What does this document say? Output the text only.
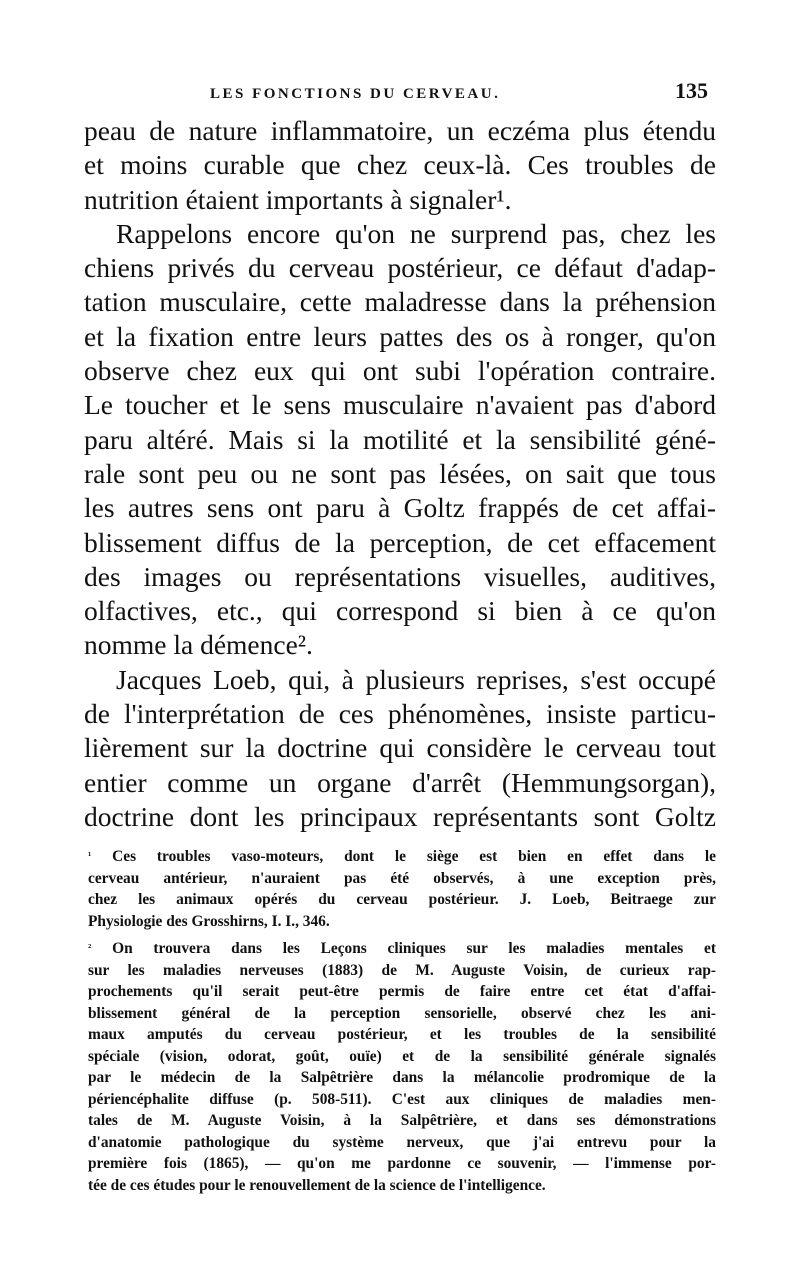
LES FONCTIONS DU CERVEAU.	135

peau de nature inflammatoire, un eczéma plus étendu
et moins curable que chez ceux-là. Ces troubles de
nutrition étaient importants à signaler¹.

Rappelons encore qu'on ne surprend pas, chez les
chiens privés du cerveau postérieur, ce défaut d'adap-
tation musculaire, cette maladresse dans la préhension
et la fixation entre leurs pattes des os à ronger, qu'on
observe chez eux qui ont subi l'opération contraire.
Le toucher et le sens musculaire n'avaient pas d'abord
paru altéré. Mais si la motilité et la sensibilité géné-
rale sont peu ou ne sont pas lésées, on sait que tous
les autres sens ont paru à Goltz frappés de cet affai-
blissement diffus de la perception, de cet effacement
des images ou représentations visuelles, auditives,
olfactives, etc., qui correspond si bien à ce qu'on
nomme la démence².

Jacques Loeb, qui, à plusieurs reprises, s'est occupé
de l'interprétation de ces phénomènes, insiste particu-
lièrement sur la doctrine qui considère le cerveau tout
entier comme un organe d'arrêt (Hemmungsorgan),
doctrine dont les principaux représentants sont Goltz

$^{^1}$ Ces troubles vaso-moteurs, dont le siège est bien en effet dans le
cerveau antérieur, n'auraient pas été observés, à une exception près,
chez les animaux opérés du cerveau postérieur. J. Loeb, Beitraege zur
Physiologie des Grosshirns, I. I., 346.

$^{^2}$ On trouvera dans les Leçons cliniques sur les maladies mentales et
sur les maladies nerveuses (1883) de M. Auguste Voisin, de curieux rap-
prochements qu'il serait peut-être permis de faire entre cet état d'affai-
blissement général de la perception sensorielle, observé chez les ani-
maux amputés du cerveau postérieur, et les troubles de la sensibilité
spéciale (vision, odorat, goût, ouïe) et de la sensibilité générale signalés
par le médecin de la Salpêtrière dans la mélancolie prodromique de la
périencéphalite diffuse (p. 508-511). C'est aux cliniques de maladies men-
tales de M. Auguste Voisin, à la Salpêtrière, et dans ses démonstrations
d'anatomie pathologique du système nerveux, que j'ai entrevu pour la
première fois (1865), — qu'on me pardonne ce souvenir, — l'immense por-
tée de ces études pour le renouvellement de la science de l'intelligence.
